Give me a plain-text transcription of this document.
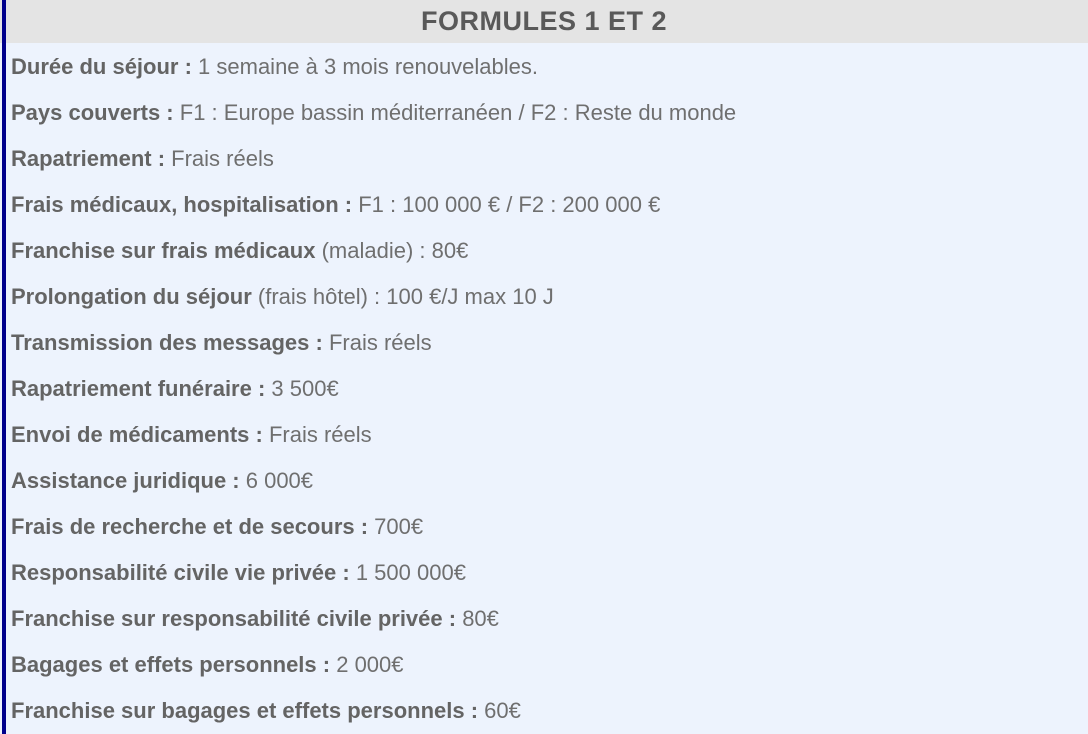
FORMULES 1 ET 2
Durée du séjour : 1 semaine à 3 mois renouvelables.
Pays couverts : F1 : Europe bassin méditerranéen / F2 : Reste du monde
Rapatriement : Frais réels
Frais médicaux, hospitalisation : F1 : 100 000 € / F2 : 200 000 €
Franchise sur frais médicaux (maladie) : 80€
Prolongation du séjour (frais hôtel) : 100 €/J max 10 J
Transmission des messages : Frais réels
Rapatriement funéraire : 3 500€
Envoi de médicaments : Frais réels
Assistance juridique : 6 000€
Frais de recherche et de secours : 700€
Responsabilité civile vie privée : 1 500 000€
Franchise sur responsabilité civile privée : 80€
Bagages et effets personnels : 2 000€
Franchise sur bagages et effets personnels : 60€
